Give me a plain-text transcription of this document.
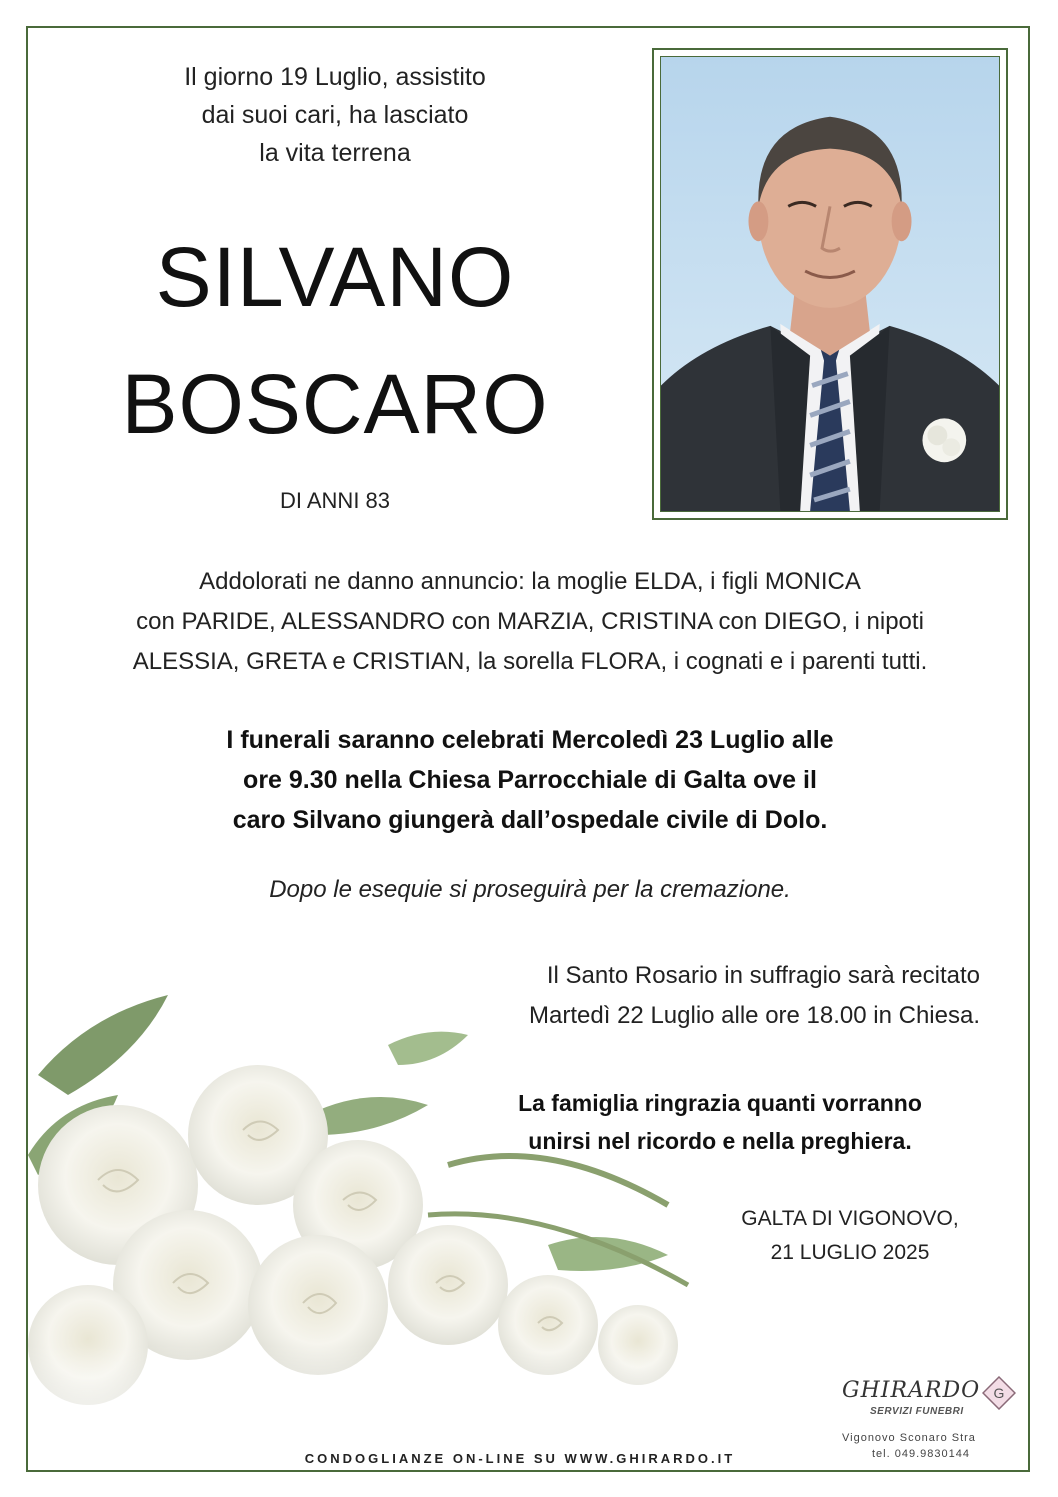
Il giorno 19 Luglio, assistito
dai suoi cari, ha lasciato
la vita terrena
SILVANO
BOSCARO
DI ANNI 83
Addolorati ne danno annuncio: la moglie ELDA, i figli MONICA
con PARIDE, ALESSANDRO con MARZIA, CRISTINA con DIEGO, i nipoti
ALESSIA, GRETA e CRISTIAN, la sorella FLORA, i cognati e i parenti tutti.
I funerali saranno celebrati Mercoledì 23 Luglio alle
ore 9.30 nella Chiesa Parrocchiale di Galta ove il
caro Silvano giungerà dall’ospedale civile di Dolo.
Dopo le esequie si proseguirà per la cremazione.
Il Santo Rosario in suffragio sarà recitato
Martedì 22 Luglio alle ore 18.00 in Chiesa.
La famiglia ringrazia quanti vorranno
unirsi nel ricordo e nella preghiera.
GALTA DI VIGONOVO,
21 LUGLIO 2025
CONDOGLIANZE ON-LINE SU WWW.GHIRARDO.IT
GHIRARDO
SERVIZI FUNEBRI
G
Vigonovo Sconaro Stra
tel. 049.9830144
